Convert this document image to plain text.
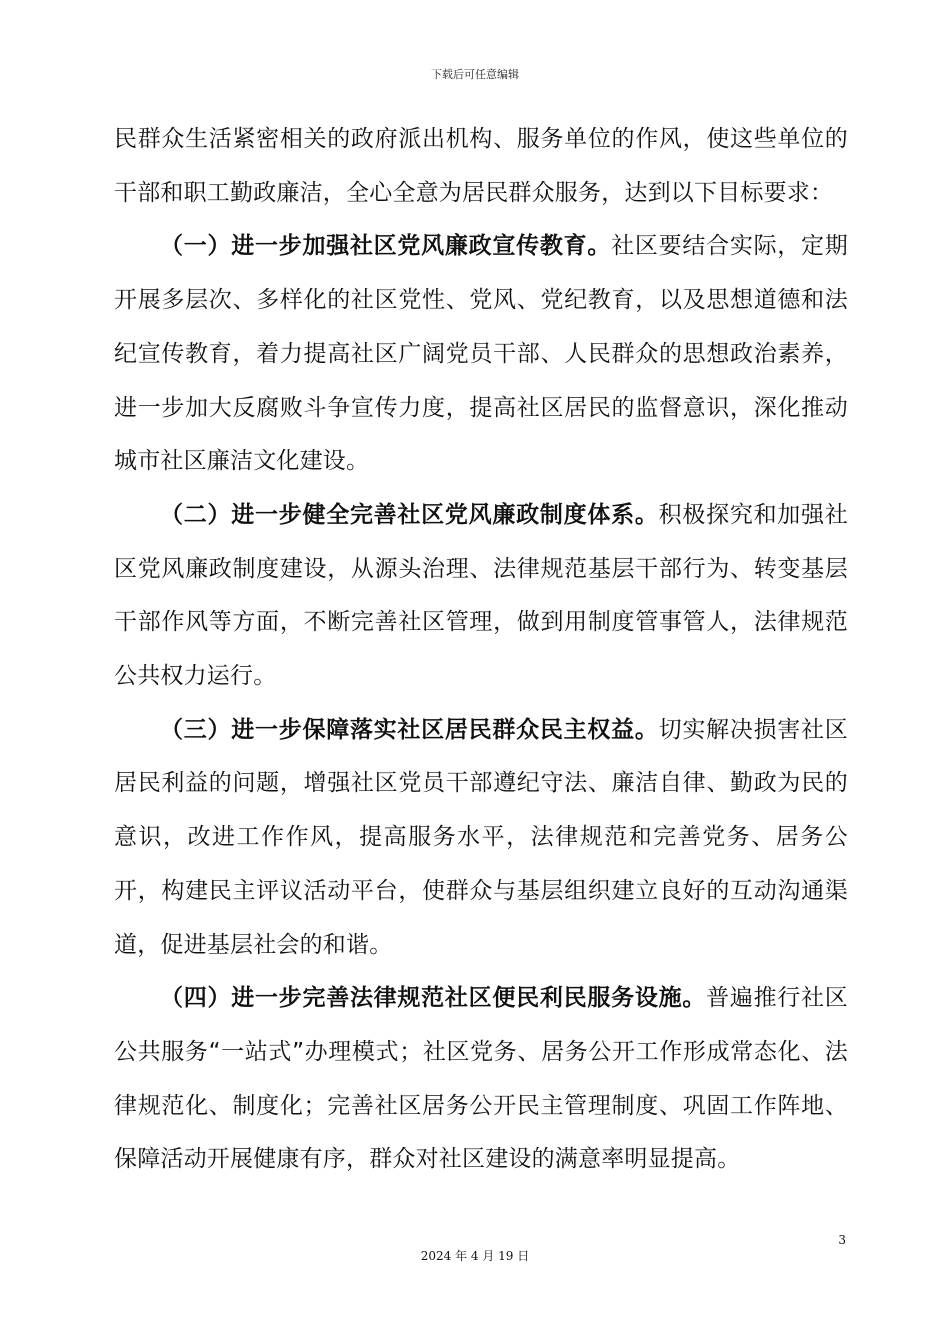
下载后可任意编辑

民群众生活紧密相关的政府派出机构、服务单位的作风，使这些单位的干部和职工勤政廉洁，全心全意为居民群众服务，达到以下目标要求：

（一）进一步加强社区党风廉政宣传教育。社区要结合实际，定期开展多层次、多样化的社区党性、党风、党纪教育，以及思想道德和法纪宣传教育，着力提高社区广阔党员干部、人民群众的思想政治素养，进一步加大反腐败斗争宣传力度，提高社区居民的监督意识，深化推动城市社区廉洁文化建设。

（二）进一步健全完善社区党风廉政制度体系。积极探究和加强社区党风廉政制度建设，从源头治理、法律规范基层干部行为、转变基层干部作风等方面，不断完善社区管理，做到用制度管事管人，法律规范公共权力运行。

（三）进一步保障落实社区居民群众民主权益。切实解决损害社区居民利益的问题，增强社区党员干部遵纪守法、廉洁自律、勤政为民的意识，改进工作作风，提高服务水平，法律规范和完善党务、居务公开，构建民主评议活动平台，使群众与基层组织建立良好的互动沟通渠道，促进基层社会的和谐。

（四）进一步完善法律规范社区便民利民服务设施。普遍推行社区公共服务“一站式”办理模式；社区党务、居务公开工作形成常态化、法律规范化、制度化；完善社区居务公开民主管理制度、巩固工作阵地、保障活动开展健康有序，群众对社区建设的满意率明显提高。

3
2024 年 4 月 19 日
